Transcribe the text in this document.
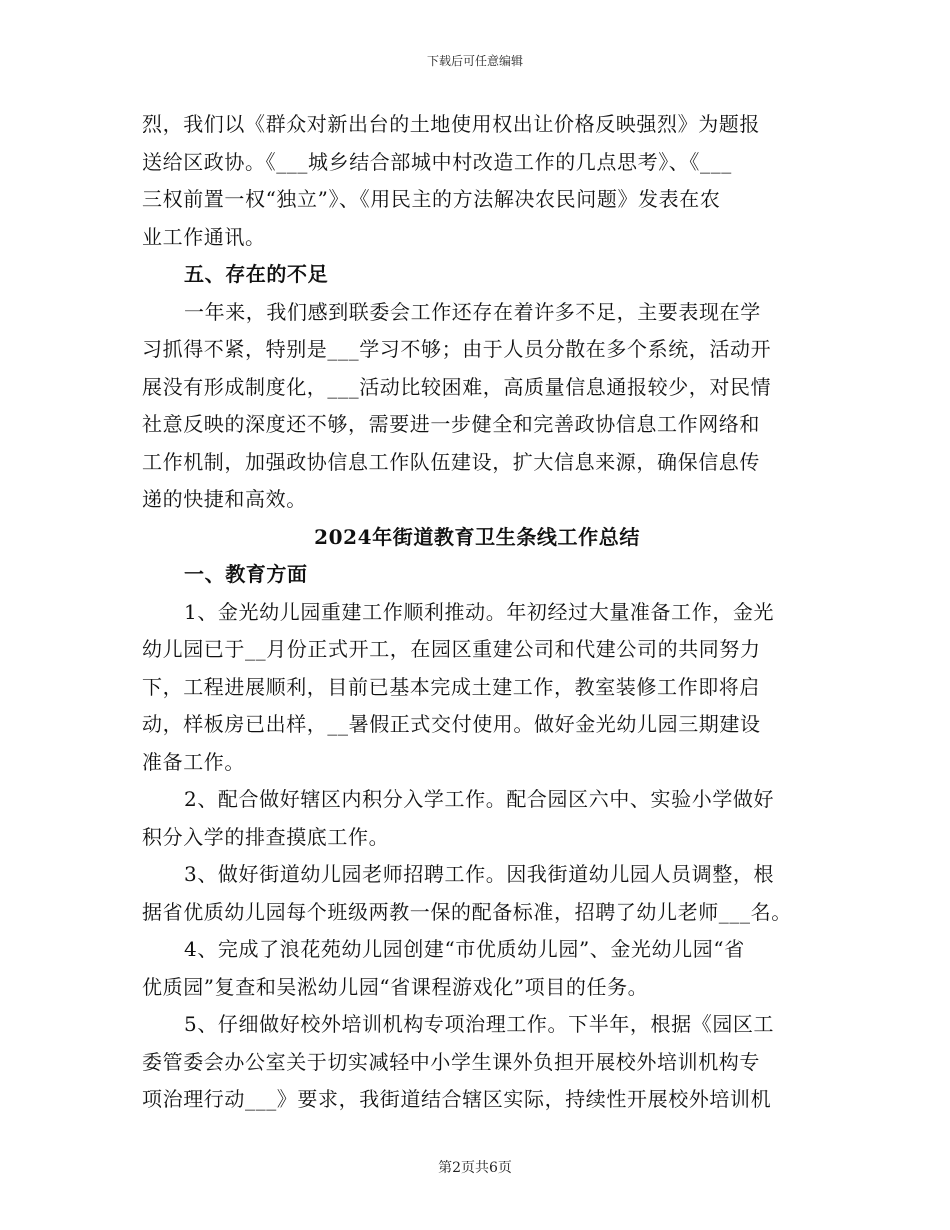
下载后可任意编辑
烈，我们以《群众对新出台的土地使用权出让价格反映强烈》为题报
送给区政协。《___城乡结合部城中村改造工作的几点思考》、《___
三权前置一权“独立”》、《用民主的方法解决农民问题》发表在农
业工作通讯。
五、存在的不足
一年来，我们感到联委会工作还存在着许多不足，主要表现在学
习抓得不紧，特别是___学习不够；由于人员分散在多个系统，活动开
展没有形成制度化，___活动比较困难，高质量信息通报较少，对民情
社意反映的深度还不够，需要进一步健全和完善政协信息工作网络和
工作机制，加强政协信息工作队伍建设，扩大信息来源，确保信息传
递的快捷和高效。
2024年街道教育卫生条线工作总结
一、教育方面
1、金光幼儿园重建工作顺利推动。年初经过大量准备工作，金光
幼儿园已于__月份正式开工，在园区重建公司和代建公司的共同努力
下，工程进展顺利，目前已基本完成土建工作，教室装修工作即将启
动，样板房已出样，__暑假正式交付使用。做好金光幼儿园三期建设
准备工作。
2、配合做好辖区内积分入学工作。配合园区六中、实验小学做好
积分入学的排查摸底工作。
3、做好街道幼儿园老师招聘工作。因我街道幼儿园人员调整，根
据省优质幼儿园每个班级两教一保的配备标准，招聘了幼儿老师___名。
4、完成了浪花苑幼儿园创建“市优质幼儿园”、金光幼儿园“省
优质园”复查和吴淞幼儿园“省课程游戏化”项目的任务。
5、仔细做好校外培训机构专项治理工作。下半年，根据《园区工
委管委会办公室关于切实减轻中小学生课外负担开展校外培训机构专
项治理行动___》要求，我街道结合辖区实际，持续性开展校外培训机
第2页共6页
